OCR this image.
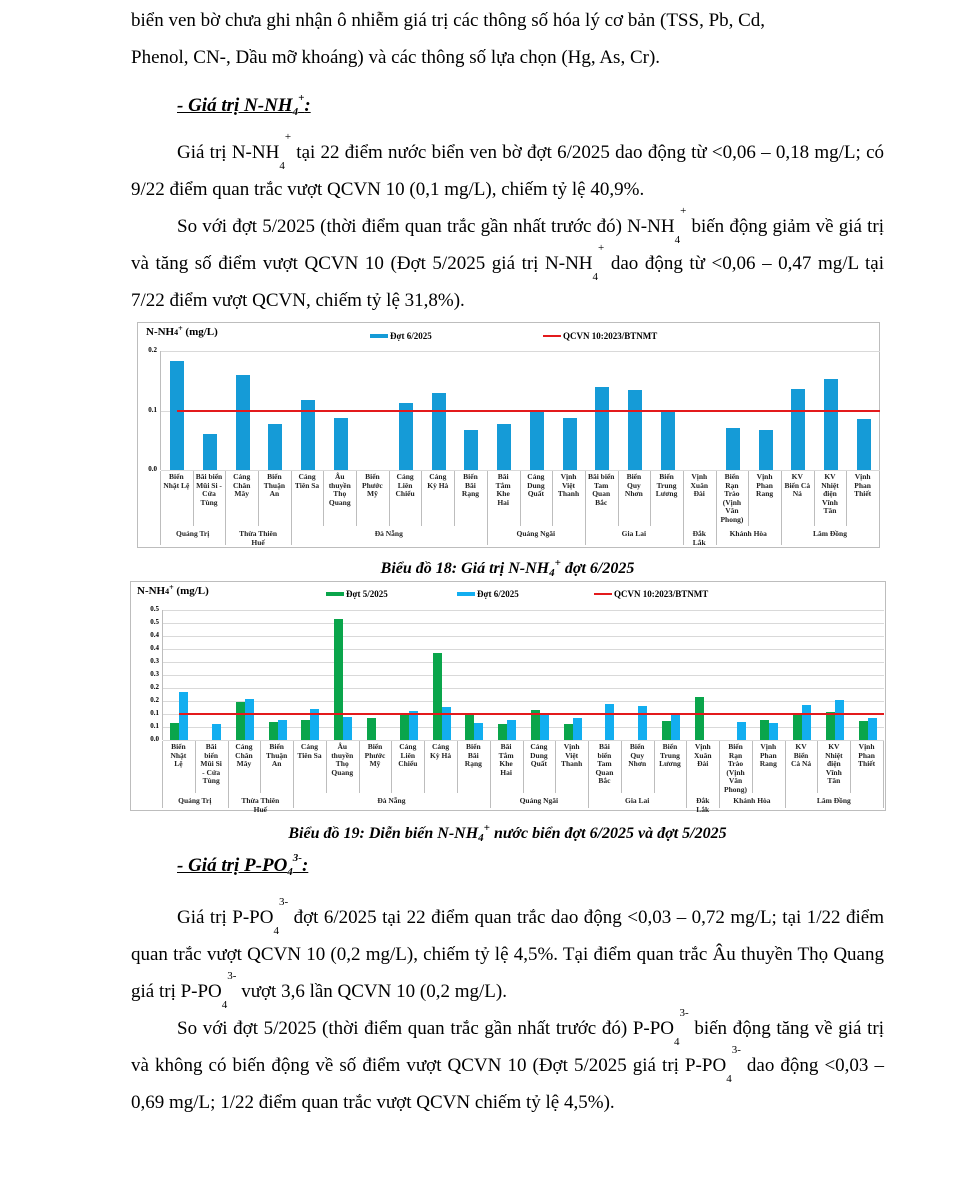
biển ven bờ chưa ghi nhận ô nhiễm giá trị các thông số hóa lý cơ bản (TSS, Pb, Cd,
Phenol, CN-, Dầu mỡ khoáng) và các thông số lựa chọn (Hg, As, Cr).
- Giá trị N-NH4+:
Giá trị N-NH4+ tại 22 điểm nước biển ven bờ đợt 6/2025 dao động từ <0,06 – 0,18 mg/L; có 9/22 điểm quan trắc vượt QCVN 10 (0,1 mg/L), chiếm tỷ lệ 40,9%.
So với đợt 5/2025 (thời điểm quan trắc gần nhất trước đó) N-NH4+ biến động giảm về giá trị và tăng số điểm vượt QCVN 10 (Đợt 5/2025 giá trị N-NH4+ dao động từ <0,06 – 0,47 mg/L tại 7/22 điểm vượt QCVN, chiếm tỷ lệ 31,8%).
N-NH4+ (mg/L)	Đợt 6/2025	QCVN 10:2023/BTNMT
0.0
0.1
0.2
Biển
Nhật Lệ
Bãi biển
Mũi Si -
Cửa
Tùng
Cảng
Chân
Mây
Biển
Thuận
An
Cảng
Tiên Sa
Âu
thuyền
Thọ
Quang
Biển
Phước
Mỹ
Cảng
Liên
Chiểu
Cảng
Kỳ Hà
Biển
Bãi
Rạng
Bãi
Tắm
Khe
Hai
Cảng
Dung
Quất
Vịnh
Việt
Thanh
Bãi biển
Tam
Quan
Bắc
Biển
Quy
Nhơn
Biển
Trung
Lương
Vịnh
Xuân
Đài
Biển
Rạn
Trào
(Vịnh
Vân
Phong)
Vịnh
Phan
Rang
KV
Biển Cà
Ná
KV
Nhiệt
điện
Vĩnh
Tân
Vịnh
Phan
Thiết
Quảng Trị	Thừa Thiên
Huế
Đà Nẵng	Quảng Ngãi	Gia Lai	Đắk
Lắk
Khánh Hòa	Lâm Đồng
Biểu đồ 18: Giá trị N-NH4+ đợt 6/2025
N-NH4+ (mg/L)	Đợt 5/2025	Đợt 6/2025	QCVN 10:2023/BTNMT
0.0
0.1
0.1
0.2
0.2
0.3
0.3
0.4
0.4
0.5
0.5
Biển
Nhật
Lệ
Bãi
biển
Mũi Si
- Cửa
Tùng
Cảng
Chân
Mây
Biển
Thuận
An
Cảng
Tiên Sa
Âu
thuyền
Thọ
Quang
Biển
Phước
Mỹ
Cảng
Liên
Chiểu
Cảng
Kỳ Hà
Biển
Bãi
Rạng
Bãi
Tắm
Khe
Hai
Cảng
Dung
Quất
Vịnh
Việt
Thanh
Bãi
biển
Tam
Quan
Bắc
Biển
Quy
Nhơn
Biển
Trung
Lương
Vịnh
Xuân
Đài
Biển
Rạn
Trào
(Vịnh
Vân
Phong)
Vịnh
Phan
Rang
KV
Biển
Cà Ná
KV
Nhiệt
điện
Vĩnh
Tân
Vịnh
Phan
Thiết
Quảng Trị	Thừa Thiên
Huế
Đà Nẵng	Quảng Ngãi	Gia Lai	Đắk
Lắk
Khánh Hòa	Lâm Đồng
Biểu đồ 19: Diễn biến N-NH4+ nước biển đợt 6/2025 và đợt 5/2025
- Giá trị $P-PO4^{3-}$:
Giá trị $P-PO4^{3-}$ đợt 6/2025 tại 22 điểm quan trắc dao động <0,03 – 0,72 mg/L; tại 1/22 điểm quan trắc vượt QCVN 10 (0,2 mg/L), chiếm tỷ lệ 4,5%. Tại điểm quan trắc Âu thuyền Thọ Quang giá trị $P-PO4^{3-}$ vượt 3,6 lần QCVN 10 (0,2 mg/L).
So với đợt 5/2025 (thời điểm quan trắc gần nhất trước đó) $P-PO4^{3-}$ biến động tăng về giá trị và không có biến động về số điểm vượt QCVN 10 (Đợt 5/2025 giá trị $P-PO4^{3-}$ dao động <0,03 – 0,69 mg/L; 1/22 điểm quan trắc vượt QCVN chiếm tỷ lệ 4,5%).
